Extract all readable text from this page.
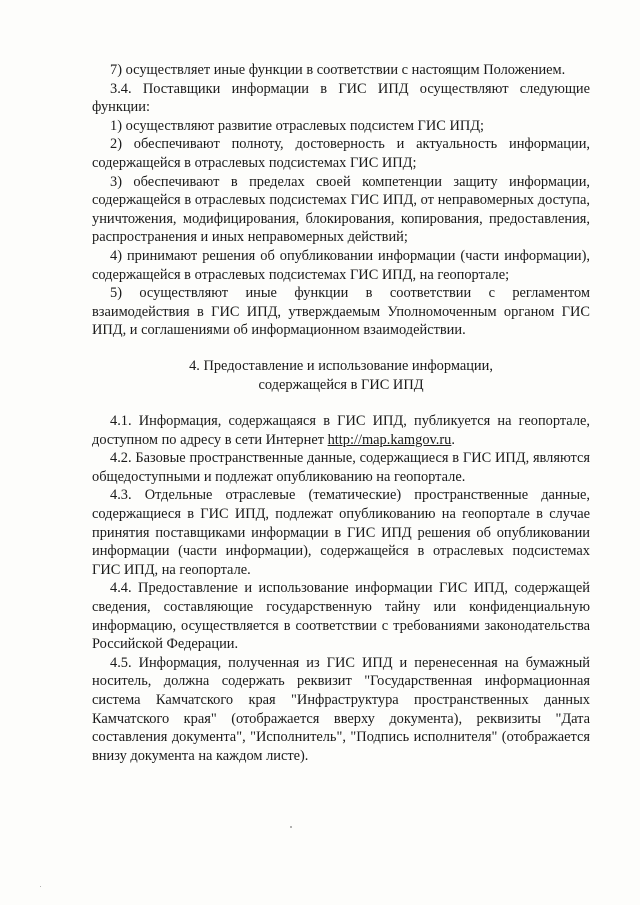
7) осуществляет иные функции в соответствии с настоящим Положением.

3.4. Поставщики информации в ГИС ИПД осуществляют следующие функции:

1) осуществляют развитие отраслевых подсистем ГИС ИПД;

2) обеспечивают полноту, достоверность и актуальность информации, содержащейся в отраслевых подсистемах ГИС ИПД;

3) обеспечивают в пределах своей компетенции защиту информации, содержащейся в отраслевых подсистемах ГИС ИПД, от неправомерных доступа, уничтожения, модифицирования, блокирования, копирования, предоставления, распространения и иных неправомерных действий;

4) принимают решения об опубликовании информации (части информации), содержащейся в отраслевых подсистемах ГИС ИПД, на геопортале;

5) осуществляют иные функции в соответствии с регламентом взаимодействия в ГИС ИПД, утверждаемым Уполномоченным органом ГИС ИПД, и соглашениями об информационном взаимодействии.

4. Предоставление и использование информации,
содержащейся в ГИС ИПД

4.1. Информация, содержащаяся в ГИС ИПД, публикуется на геопортале, доступном по адресу в сети Интернет http://map.kamgov.ru.

4.2. Базовые пространственные данные, содержащиеся в ГИС ИПД, являются общедоступными и подлежат опубликованию на геопортале.

4.3. Отдельные отраслевые (тематические) пространственные данные, содержащиеся в ГИС ИПД, подлежат опубликованию на геопортале в случае принятия поставщиками информации в ГИС ИПД решения об опубликовании информации (части информации), содержащейся в отраслевых подсистемах ГИС ИПД, на геопортале.

4.4. Предоставление и использование информации ГИС ИПД, содержащей сведения, составляющие государственную тайну или конфиденциальную информацию, осуществляется в соответствии с требованиями законодательства Российской Федерации.

4.5. Информация, полученная из ГИС ИПД и перенесенная на бумажный носитель, должна содержать реквизит "Государственная информационная система Камчатского края "Инфраструктура пространственных данных Камчатского края" (отображается вверху документа), реквизиты "Дата составления документа", "Исполнитель", "Подпись исполнителя" (отображается внизу документа на каждом листе).
